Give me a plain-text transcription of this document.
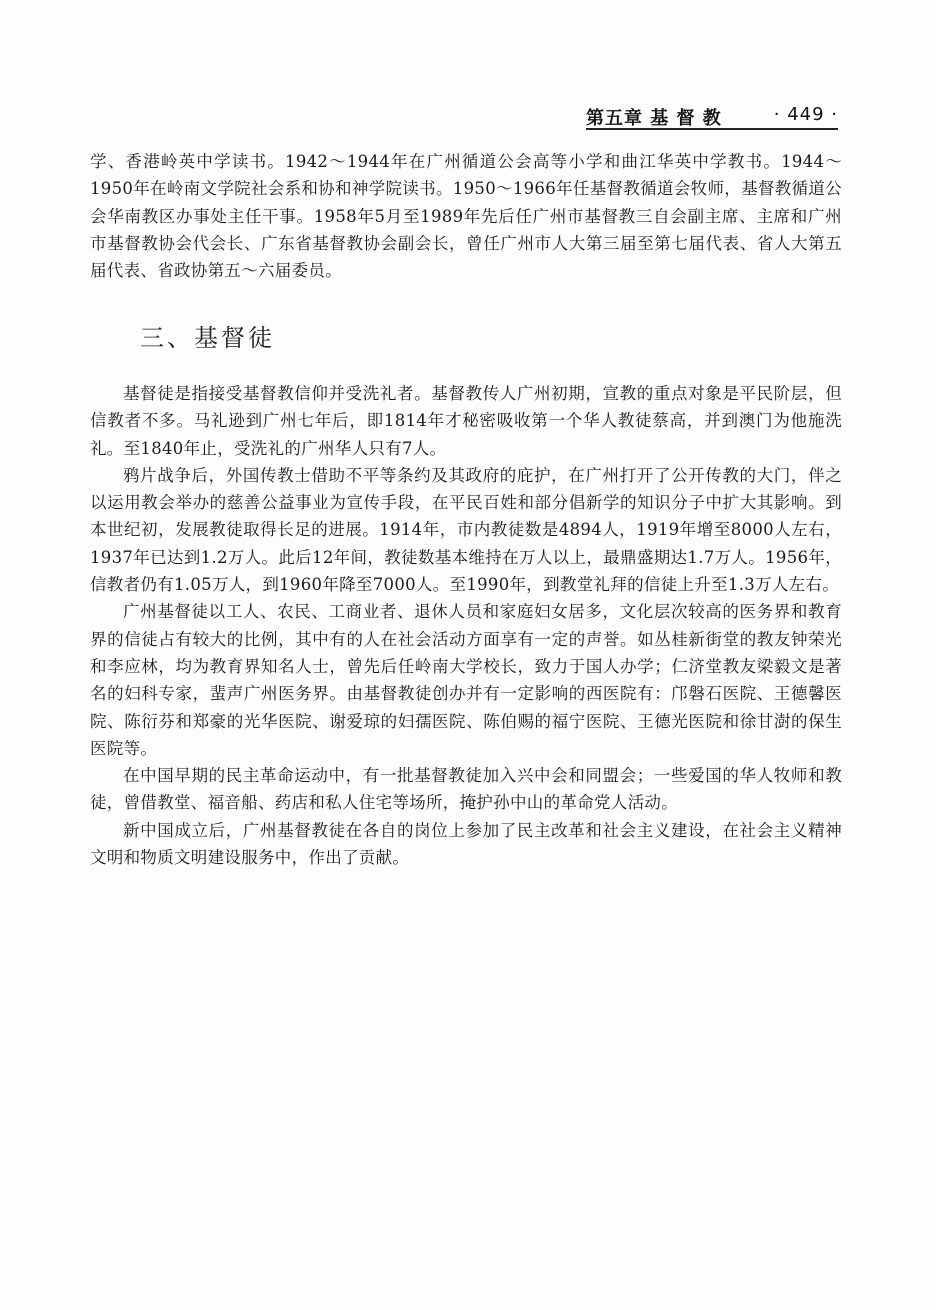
第五章 基 督 教	· 449 ·

学、香港岭英中学读书。1942～1944年在广州循道公会高等小学和曲江华英中学教书。1944～1950年在岭南文学院社会系和协和神学院读书。1950～1966年任基督教循道会牧师，基督教循道公会华南教区办事处主任干事。1958年5月至1989年先后任广州市基督教三自会副主席、主席和广州市基督教协会代会长、广东省基督教协会副会长，曾任广州市人大第三届至第七届代表、省人大第五届代表、省政协第五～六届委员。

三、基督徒

基督徒是指接受基督教信仰并受洗礼者。基督教传人广州初期，宣教的重点对象是平民阶层，但信教者不多。马礼逊到广州七年后，即1814年才秘密吸收第一个华人教徒蔡高，并到澳门为他施洗礼。至1840年止，受洗礼的广州华人只有7人。

鸦片战争后，外国传教士借助不平等条约及其政府的庇护，在广州打开了公开传教的大门，伴之以运用教会举办的慈善公益事业为宣传手段，在平民百姓和部分倡新学的知识分子中扩大其影响。到本世纪初，发展教徒取得长足的进展。1914年，市内教徒数是4894人，1919年增至8000人左右，1937年已达到1.2万人。此后12年间，教徒数基本维持在万人以上，最鼎盛期达1.7万人。1956年，信教者仍有1.05万人，到1960年降至7000人。至1990年，到教堂礼拜的信徒上升至1.3万人左右。

广州基督徒以工人、农民、工商业者、退休人员和家庭妇女居多，文化层次较高的医务界和教育界的信徒占有较大的比例，其中有的人在社会活动方面享有一定的声誉。如丛桂新街堂的教友钟荣光和李应林，均为教育界知名人士，曾先后任岭南大学校长，致力于国人办学；仁济堂教友梁毅文是著名的妇科专家，蜚声广州医务界。由基督教徒创办并有一定影响的西医院有：邝磐石医院、王德馨医院、陈衍芬和郑豪的光华医院、谢爱琼的妇孺医院、陈伯赐的福宁医院、王德光医院和徐甘澍的保生医院等。

在中国早期的民主革命运动中，有一批基督教徒加入兴中会和同盟会；一些爱国的华人牧师和教徒，曾借教堂、福音船、药店和私人住宅等场所，掩护孙中山的革命党人活动。

新中国成立后，广州基督教徒在各自的岗位上参加了民主改革和社会主义建设，在社会主义精神文明和物质文明建设服务中，作出了贡献。
